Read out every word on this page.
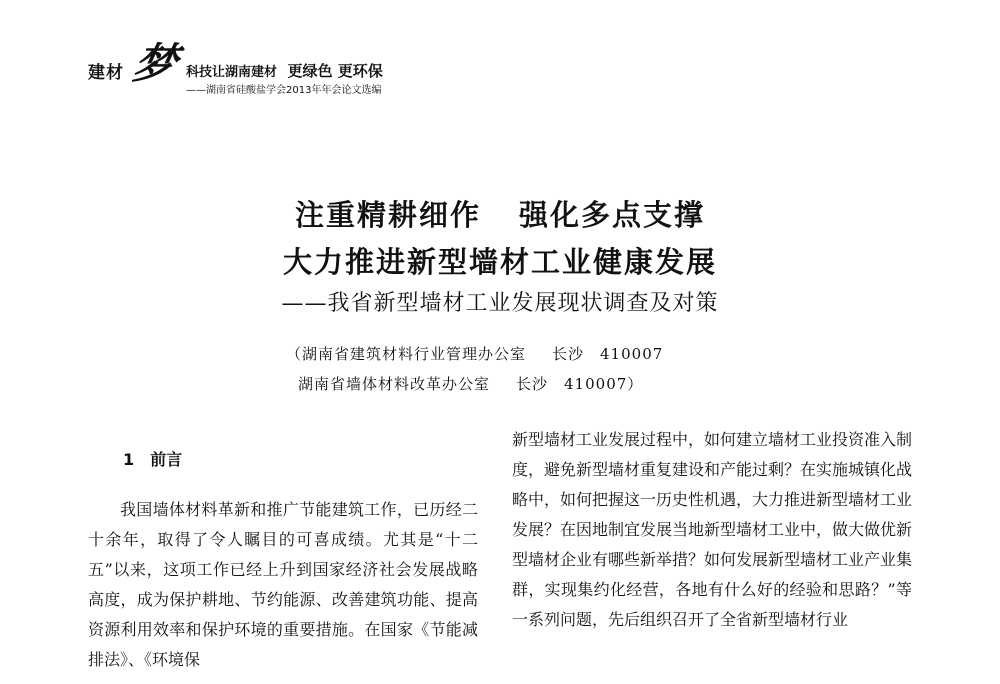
建材 梦 科技让湖南建材 更绿色 更环保
——湖南省硅酸盐学会2013年年会论文选编
注重精耕细作 强化多点支撑
大力推进新型墙材工业健康发展
——我省新型墙材工业发展现状调查及对策
（湖南省建筑材料行业管理办公室 长沙　410007
湖南省墙体材料改革办公室 长沙　410007）
1 前言

我国墙体材料革新和推广节能建筑工作，已历经二十余年，取得了令人瞩目的可喜成绩。尤其是“十二五”以来，这项工作已经上升到国家经济社会发展战略高度，成为保护耕地、节约能源、改善建筑功能、提高资源利用效率和保护环境的重要措施。在国家《节能减排法》、《环境保

新型墙材工业发展过程中，如何建立墙材工业投资准入制度，避免新型墙材重复建设和产能过剩？在实施城镇化战略中，如何把握这一历史性机遇，大力推进新型墙材工业发展？在因地制宜发展当地新型墙材工业中，做大做优新型墙材企业有哪些新举措？如何发展新型墙材工业产业集群，实现集约化经营，各地有什么好的经验和思路？”等一系列问题，先后组织召开了全省新型墙材行业
